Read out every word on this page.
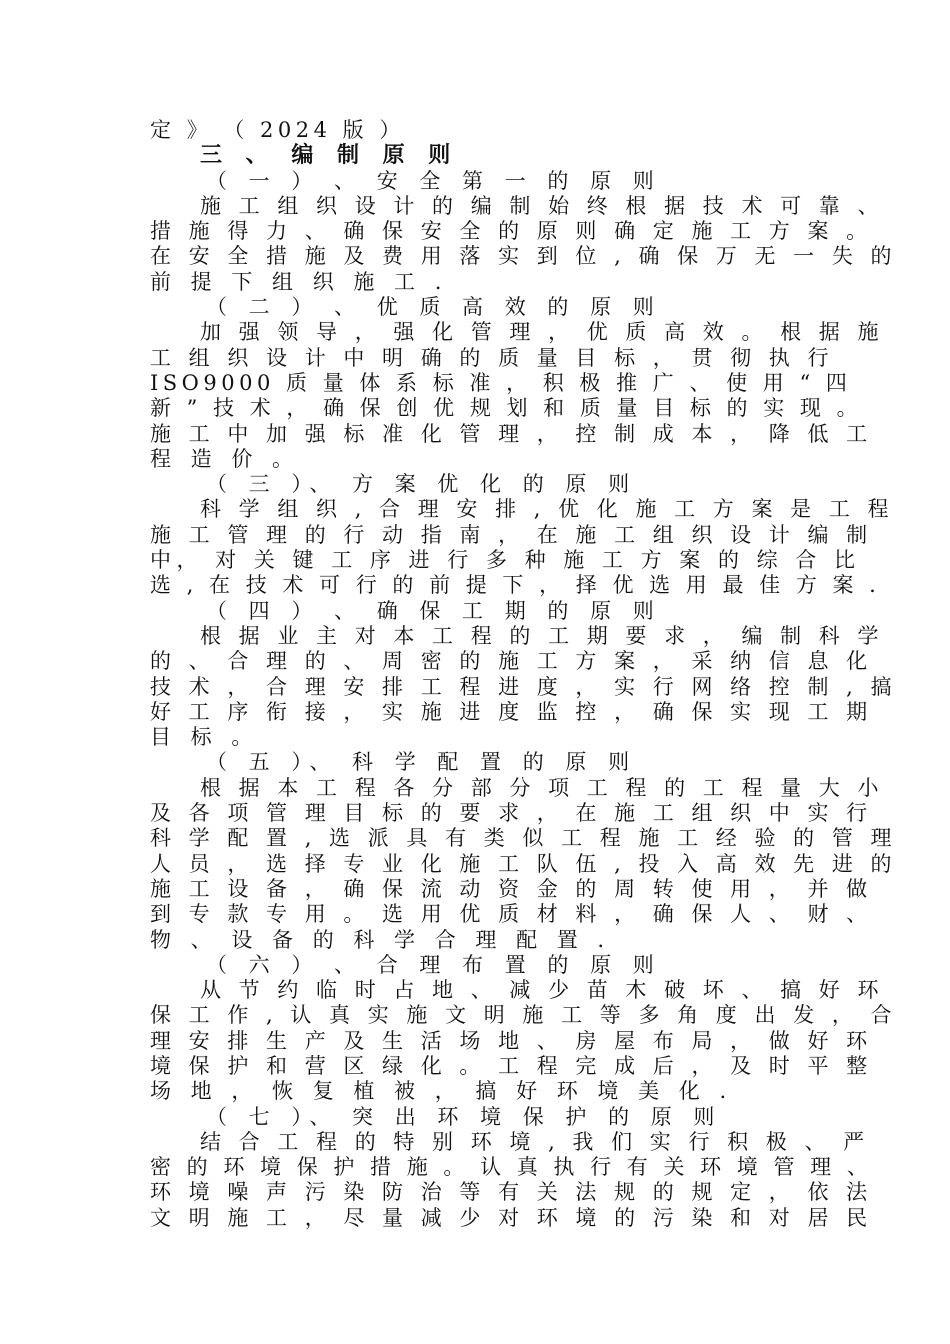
定 》 （ 2024 版 ）
三 、 编 制 原 则
（ 一 ） 、 安 全 第 一 的 原 则
施 工 组 织 设 计 的 编 制 始 终 根 据 技 术 可 靠 、
措 施 得 力 、 确 保 安 全 的 原 则 确 定 施 工 方 案 。
在 安 全 措 施 及 费 用 落 实 到 位 , 确 保 万 无 一 失 的
前 提 下 组 织 施 工 .
（ 二 ） 、 优 质 高 效 的 原 则
加 强 领 导 ， 强 化 管 理 ， 优 质 高 效 。 根 据 施
工 组 织 设 计 中 明 确 的 质 量 目 标 ， 贯 彻 执 行
ISO9000 质 量 体 系 标 准 ， 积 极 推 广 、 使 用 “ 四
新 ” 技 术 ， 确 保 创 优 规 划 和 质 量 目 标 的 实 现 。
施 工 中 加 强 标 准 化 管 理 ， 控 制 成 本 ， 降 低 工
程 造 价 。
（ 三 ）、 方 案 优 化 的 原 则
科 学 组 织 , 合 理 安 排 , 优 化 施 工 方 案 是 工 程
施 工 管 理 的 行 动 指 南 ， 在 施 工 组 织 设 计 编 制
中， 对 关 键 工 序 进 行 多 种 施 工 方 案 的 综 合 比
选 , 在 技 术 可 行 的 前 提 下 ， 择 优 选 用 最 佳 方 案 .
（ 四 ） 、 确 保 工 期 的 原 则
根 据 业 主 对 本 工 程 的 工 期 要 求 ， 编 制 科 学
的 、 合 理 的 、 周 密 的 施 工 方 案 ， 采 纳 信 息 化
技 术 ， 合 理 安 排 工 程 进 度 ， 实 行 网 络 控 制 , 搞
好 工 序 衔 接 ， 实 施 进 度 监 控 ， 确 保 实 现 工 期
目 标 。
（ 五 ）、 科 学 配 置 的 原 则
根 据 本 工 程 各 分 部 分 项 工 程 的 工 程 量 大 小
及 各 项 管 理 目 标 的 要 求 ， 在 施 工 组 织 中 实 行
科 学 配 置 , 选 派 具 有 类 似 工 程 施 工 经 验 的 管 理
人 员 ， 选 择 专 业 化 施 工 队 伍 , 投 入 高 效 先 进 的
施 工 设 备 ， 确 保 流 动 资 金 的 周 转 使 用 ， 并 做
到 专 款 专 用 。 选 用 优 质 材 料 ， 确 保 人 、 财 、
物 、 设 备 的 科 学 合 理 配 置 .
（ 六 ） 、 合 理 布 置 的 原 则
从 节 约 临 时 占 地 、 减 少 苗 木 破 坏 、 搞 好 环
保 工 作 , 认 真 实 施 文 明 施 工 等 多 角 度 出 发 ， 合
理 安 排 生 产 及 生 活 场 地 、 房 屋 布 局 ， 做 好 环
境 保 护 和 营 区 绿 化 。 工 程 完 成 后 ， 及 时 平 整
场 地 ， 恢 复 植 被 ， 搞 好 环 境 美 化 .
（ 七 ）、 突 出 环 境 保 护 的 原 则
结 合 工 程 的 特 别 环 境 , 我 们 实 行 积 极 、 严
密 的 环 境 保 护 措 施 。 认 真 执 行 有 关 环 境 管 理 、
环 境 噪 声 污 染 防 治 等 有 关 法 规 的 规 定 ， 依 法
文 明 施 工 ， 尽 量 减 少 对 环 境 的 污 染 和 对 居 民
